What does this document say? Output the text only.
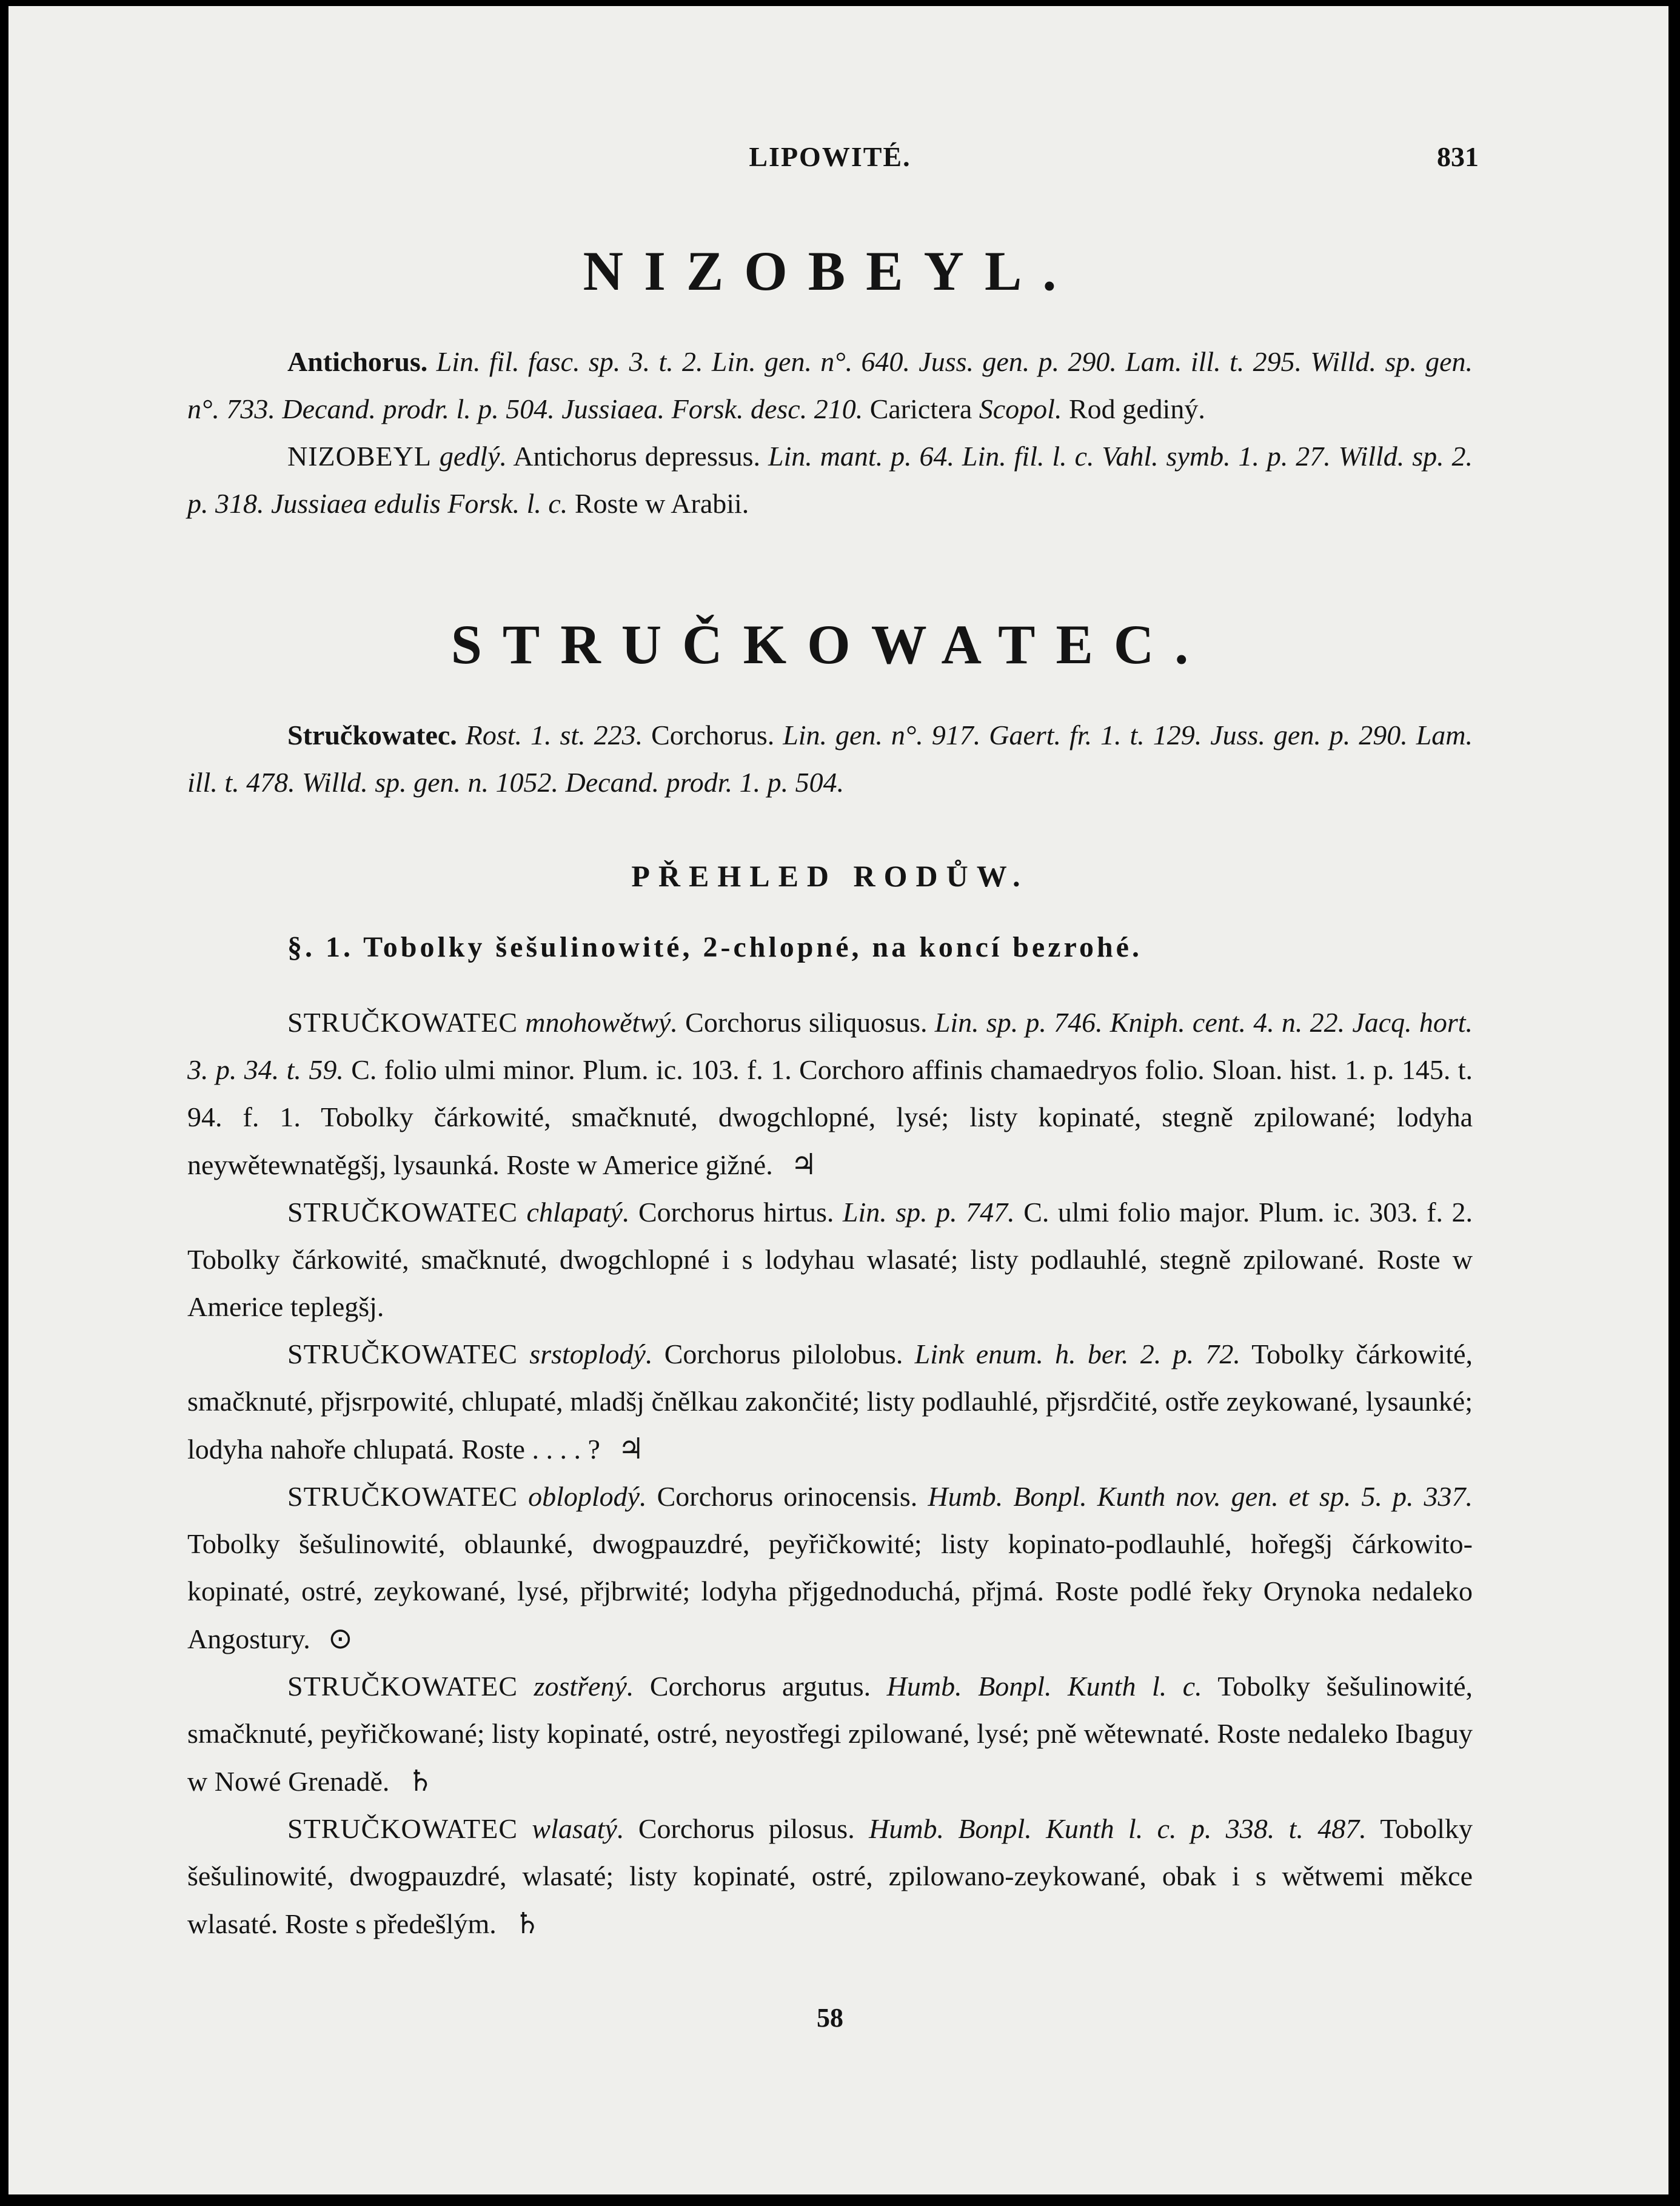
LIPOWITÉ.	831
NIZOBEYL.

Antichorus. Lin. fil. fasc. sp. 3. t. 2. Lin. gen. n°. 640. Juss. gen. p. 290. Lam. ill. t. 295. Willd. sp. gen. n°. 733. Decand. prodr. l. p. 504. Jussiaea. Forsk. desc. 210. Carictera Scopol. Rod gediný.

NIZOBEYL gedlý. Antichorus depressus. Lin. mant. p. 64. Lin. fil. l. c. Vahl. symb. 1. p. 27. Willd. sp. 2. p. 318. Jussiaea edulis Forsk. l. c. Roste w Arabii.

STRUČKOWATEC.

Stručkowatec. Rost. 1. st. 223. Corchorus. Lin. gen. n°. 917. Gaert. fr. 1. t. 129. Juss. gen. p. 290. Lam. ill. t. 478. Willd. sp. gen. n. 1052. Decand. prodr. 1. p. 504.

PŘEHLED RODŮW.
§. 1. Tobolky šešulinowité, 2-chlopné, na koncí bezrohé.

STRUČKOWATEC mnohowětwý. Corchorus siliquosus. Lin. sp. p. 746. Kniph. cent. 4. n. 22. Jacq. hort. 3. p. 34. t. 59. C. folio ulmi minor. Plum. ic. 103. f. 1. Corchoro affinis chamaedryos folio. Sloan. hist. 1. p. 145. t. 94. f. 1. Tobolky čárkowité, smačknuté, dwogchlopné, lysé; listy kopinaté, stegně zpilowané; lodyha neywětewnatěgšj, lysaunká. Roste w Americe gižné. ♃

STRUČKOWATEC chlapatý. Corchorus hirtus. Lin. sp. p. 747. C. ulmi folio major. Plum. ic. 303. f. 2. Tobolky čárkowité, smačknuté, dwogchlopné i s lodyhau wlasaté; listy podlauhlé, stegně zpilowané. Roste w Americe teplegšj.

STRUČKOWATEC srstoplodý. Corchorus pilolobus. Link enum. h. ber. 2. p. 72. Tobolky čárkowité, smačknuté, přjsrpowité, chlupaté, mladšj čnělkau zakončité; listy podlauhlé, přjsrdčité, ostře zeykowané, lysaunké; lodyha nahoře chlupatá. Roste . . . . ? ♃

STRUČKOWATEC obloplodý. Corchorus orinocensis. Humb. Bonpl. Kunth nov. gen. et sp. 5. p. 337. Tobolky šešulinowité, oblaunké, dwogpauzdré, peyřičkowité; listy kopinato-podlauhlé, hořegšj čárkowito-kopinaté, ostré, zeykowané, lysé, přjbrwité; lodyha přjgednoduchá, přjmá. Roste podlé řeky Orynoka nedaleko Angostury. ⊙

STRUČKOWATEC zostřený. Corchorus argutus. Humb. Bonpl. Kunth l. c. Tobolky šešulinowité, smačknuté, peyřičkowané; listy kopinaté, ostré, neyostřegi zpilowané, lysé; pně wětewnaté. Roste nedaleko Ibaguy w Nowé Grenadě. ♄

STRUČKOWATEC wlasatý. Corchorus pilosus. Humb. Bonpl. Kunth l. c. p. 338. t. 487. Tobolky šešulinowité, dwogpauzdré, wlasaté; listy kopinaté, ostré, zpilowano-zeykowané, obak i s wětwemi měkce wlasaté. Roste s předešlým. ♄

58
